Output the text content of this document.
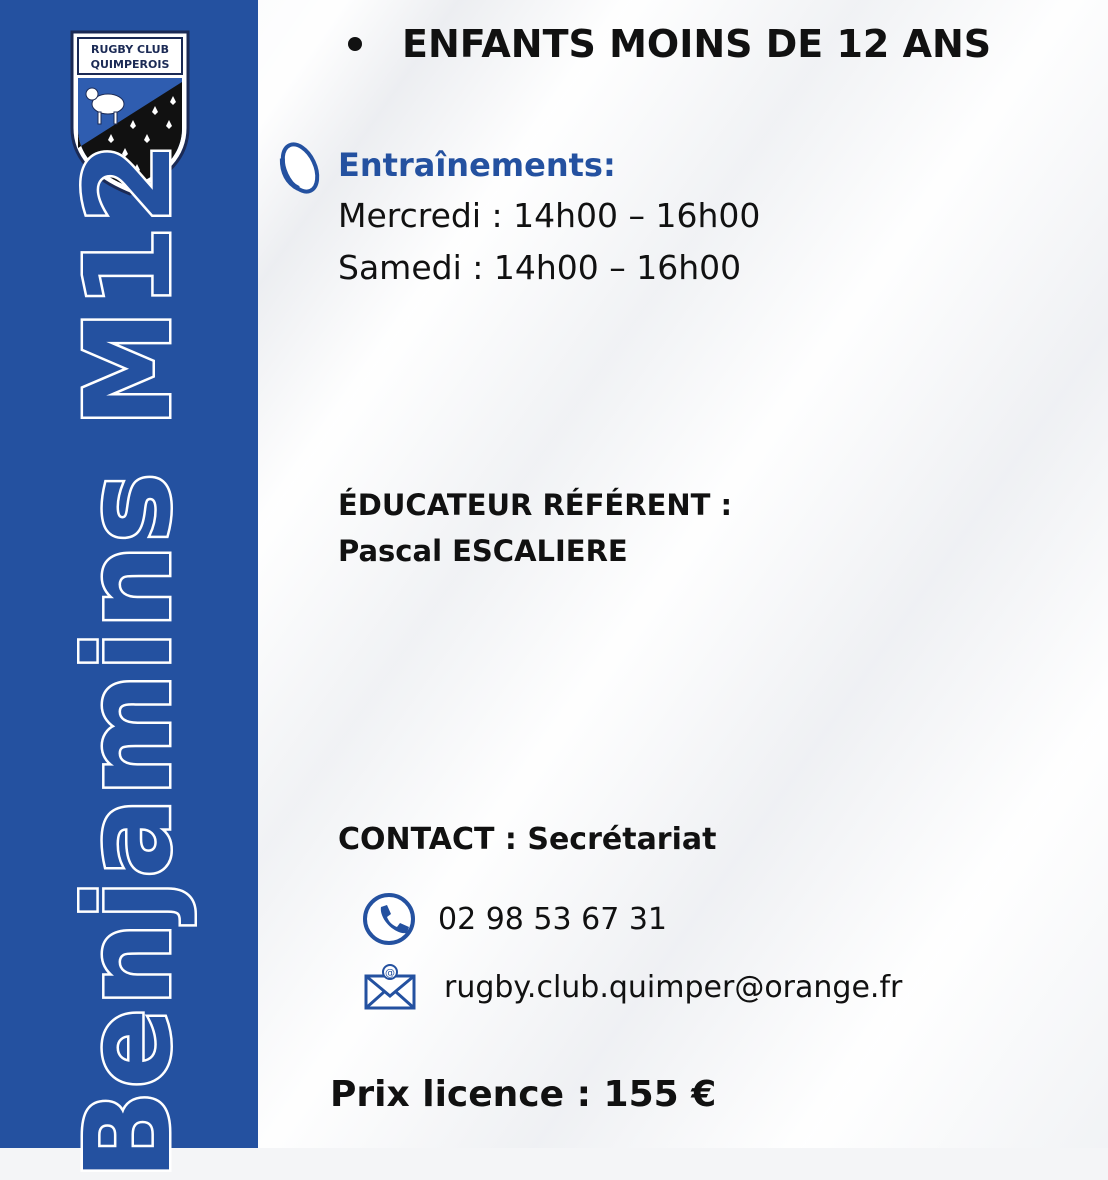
RUGBY CLUB
QUIMPEROIS
Benjamins M12
ENFANTS MOINS DE 12 ANS
Entraînements:
Mercredi : 14h00 – 16h00
Samedi : 14h00 – 16h00
ÉDUCATEUR RÉFÉRENT :
Pascal ESCALIERE
CONTACT : Secrétariat
02 98 53 67 31
@ rugby.club.quimper@orange.fr
Prix licence : 155 €
